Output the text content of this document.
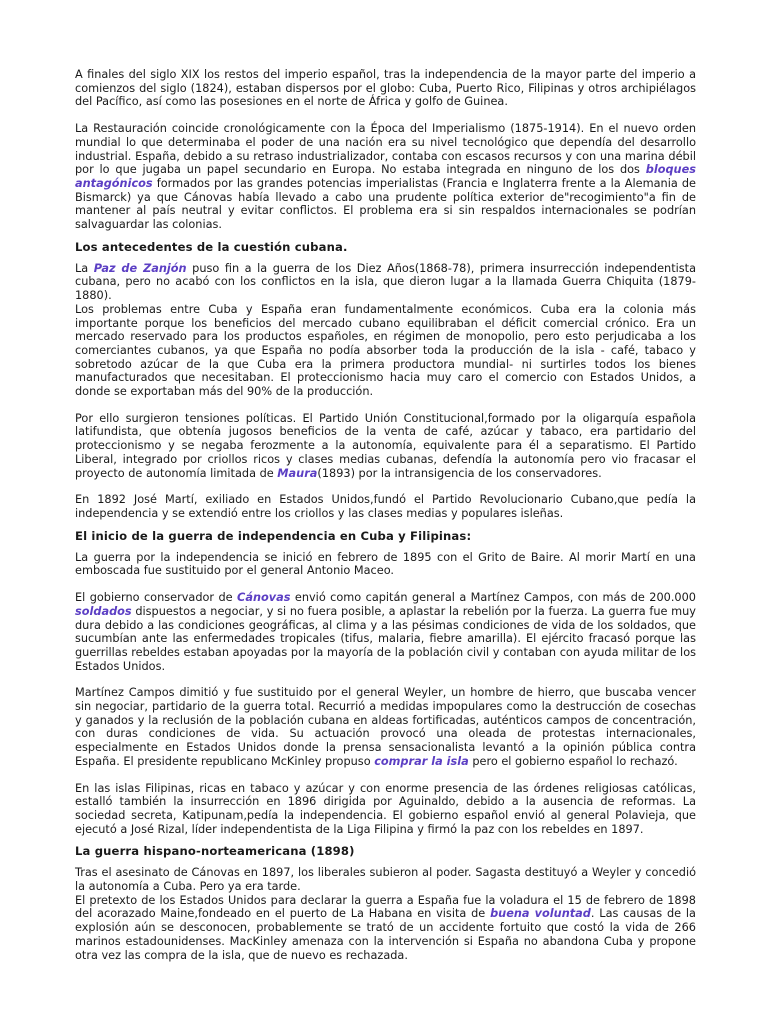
A finales del siglo XIX los restos del imperio español, tras la independencia de la mayor parte del imperio a comienzos del siglo (1824), estaban dispersos por el globo: Cuba, Puerto Rico, Filipinas y otros archipiélagos del Pacífico, así como las posesiones en el norte de África y golfo de Guinea.

La Restauración coincide cronológicamente con la Época del Imperialismo (1875-1914). En el nuevo orden mundial lo que determinaba el poder de una nación era su nivel tecnológico que dependía del desarrollo industrial. España, debido a su retraso industrializador, contaba con escasos recursos y con una marina débil por lo que jugaba un papel secundario en Europa. No estaba integrada en ninguno de los dos bloques antagónicos formados por las grandes potencias imperialistas (Francia e Inglaterra frente a la Alemania de Bismarck) ya que Cánovas había llevado a cabo una prudente política exterior de"recogimiento"a fin de mantener al país neutral y evitar conflictos. El problema era si sin respaldos internacionales se podrían salvaguardar las colonias.

Los antecedentes de la cuestión cubana.

La Paz de Zanjón puso fin a la guerra de los Diez Años(1868-78), primera insurrección independentista cubana, pero no acabó con los conflictos en la isla, que dieron lugar a la llamada Guerra Chiquita (1879-1880).

Los problemas entre Cuba y España eran fundamentalmente económicos. Cuba era la colonia más importante porque los beneficios del mercado cubano equilibraban el déficit comercial crónico. Era un mercado reservado para los productos españoles, en régimen de monopolio, pero esto perjudicaba a los comerciantes cubanos, ya que España no podía absorber toda la producción de la isla - café, tabaco y sobretodo azúcar de la que Cuba era la primera productora mundial- ni surtirles todos los bienes manufacturados que necesitaban. El proteccionismo hacia muy caro el comercio con Estados Unidos, a donde se exportaban más del 90% de la producción.

Por ello surgieron tensiones políticas. El Partido Unión Constitucional,formado por la oligarquía española latifundista, que obtenía jugosos beneficios de la venta de café, azúcar y tabaco, era partidario del proteccionismo y se negaba ferozmente a la autonomía, equivalente para él a separatismo. El Partido Liberal, integrado por criollos ricos y clases medias cubanas, defendía la autonomía pero vio fracasar el proyecto de autonomía limitada de Maura(1893) por la intransigencia de los conservadores.

En 1892 José Martí, exiliado en Estados Unidos,fundó el Partido Revolucionario Cubano,que pedía la independencia y se extendió entre los criollos y las clases medias y populares isleñas.

El inicio de la guerra de independencia en Cuba y Filipinas:

La guerra por la independencia se inició en febrero de 1895 con el Grito de Baire. Al morir Martí en una emboscada fue sustituido por el general Antonio Maceo.

El gobierno conservador de Cánovas envió como capitán general a Martínez Campos, con más de 200.000 soldados dispuestos a negociar, y si no fuera posible, a aplastar la rebelión por la fuerza. La guerra fue muy dura debido a las condiciones geográficas, al clima y a las pésimas condiciones de vida de los soldados, que sucumbían ante las enfermedades tropicales (tifus, malaria, fiebre amarilla). El ejército fracasó porque las guerrillas rebeldes estaban apoyadas por la mayoría de la población civil y contaban con ayuda militar de los Estados Unidos.

Martínez Campos dimitió y fue sustituido por el general Weyler, un hombre de hierro, que buscaba vencer sin negociar, partidario de la guerra total. Recurrió a medidas impopulares como la destrucción de cosechas y ganados y la reclusión de la población cubana en aldeas fortificadas, auténticos campos de concentración, con duras condiciones de vida. Su actuación provocó una oleada de protestas internacionales, especialmente en Estados Unidos donde la prensa sensacionalista levantó a la opinión pública contra España. El presidente republicano McKinley propuso comprar la isla pero el gobierno español lo rechazó.

En las islas Filipinas, ricas en tabaco y azúcar y con enorme presencia de las órdenes religiosas católicas, estalló también la insurrección en 1896 dirigida por Aguinaldo, debido a la ausencia de reformas. La sociedad secreta, Katipunam,pedía la independencia. El gobierno español envió al general Polavieja, que ejecutó a José Rizal, líder independentista de la Liga Filipina y firmó la paz con los rebeldes en 1897.

La guerra hispano-norteamericana (1898)

Tras el asesinato de Cánovas en 1897, los liberales subieron al poder. Sagasta destituyó a Weyler y concedió la autonomía a Cuba. Pero ya era tarde.

El pretexto de los Estados Unidos para declarar la guerra a España fue la voladura el 15 de febrero de 1898 del acorazado Maine,fondeado en el puerto de La Habana en visita de buena voluntad. Las causas de la explosión aún se desconocen, probablemente se trató de un accidente fortuito que costó la vida de 266 marinos estadounidenses. MacKinley amenaza con la intervención si España no abandona Cuba y propone otra vez las compra de la isla, que de nuevo es rechazada.
